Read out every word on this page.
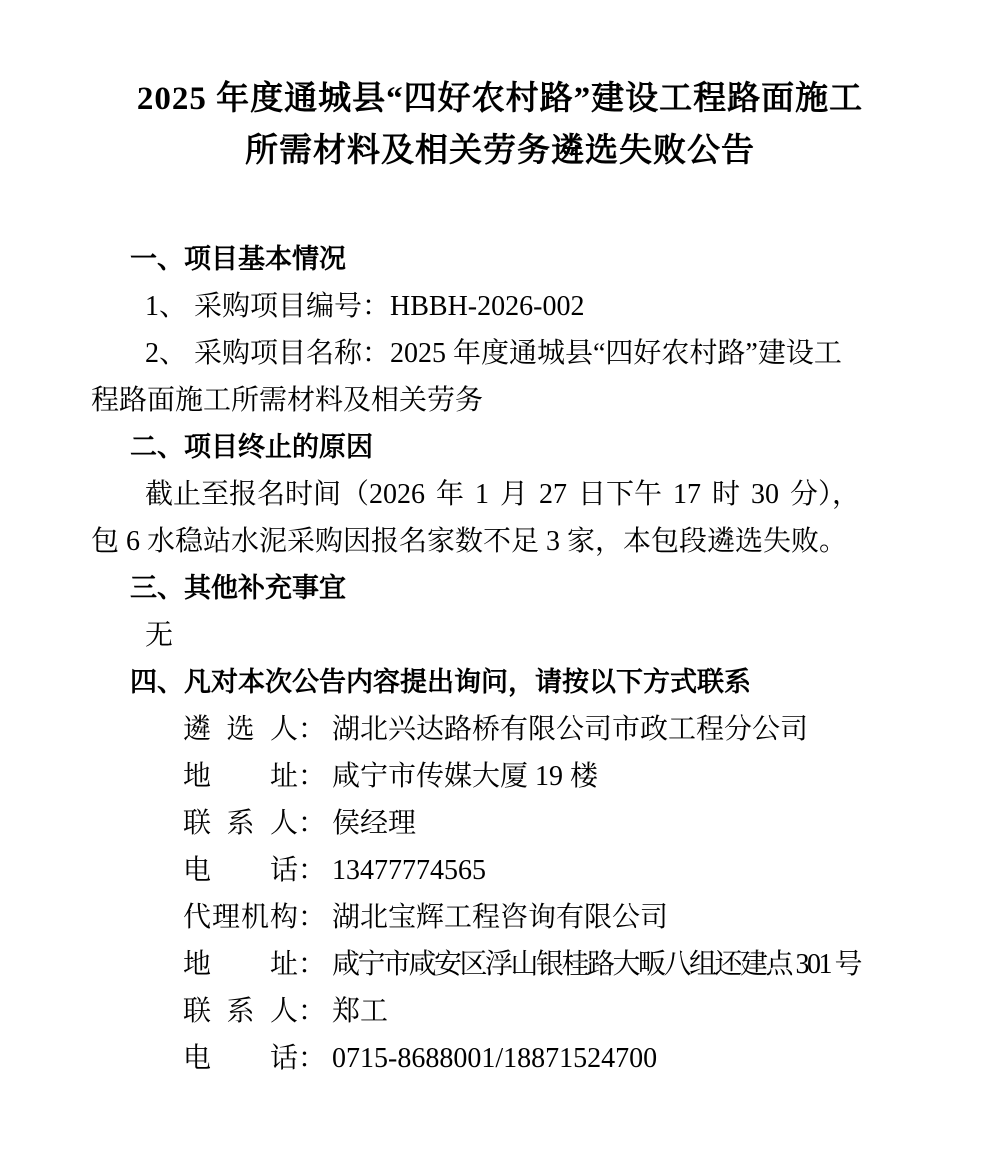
2025 年度通城县“四好农村路”建设工程路面施工
所需材料及相关劳务遴选失败公告
一、项目基本情况
1、 采购项目编号：HBBH-2026-002
2、 采购项目名称：2025 年度通城县“四好农村路”建设工
程路面施工所需材料及相关劳务
二、项目终止的原因
截止至报名时间（2026 年 1 月 27 日下午 17 时 30 分），
包 6 水稳站水泥采购因报名家数不足 3 家，本包段遴选失败。
三、其他补充事宜
无
四、凡对本次公告内容提出询问，请按以下方式联系
遴选人： 湖北兴达路桥有限公司市政工程分公司
地址： 咸宁市传媒大厦 19 楼
联系人： 侯经理
电话： 13477774565
代理机构： 湖北宝辉工程咨询有限公司
地址： 咸宁市咸安区浮山银桂路大畈八组还建点 301 号
联系人： 郑工
电话： 0715-8688001/18871524700
